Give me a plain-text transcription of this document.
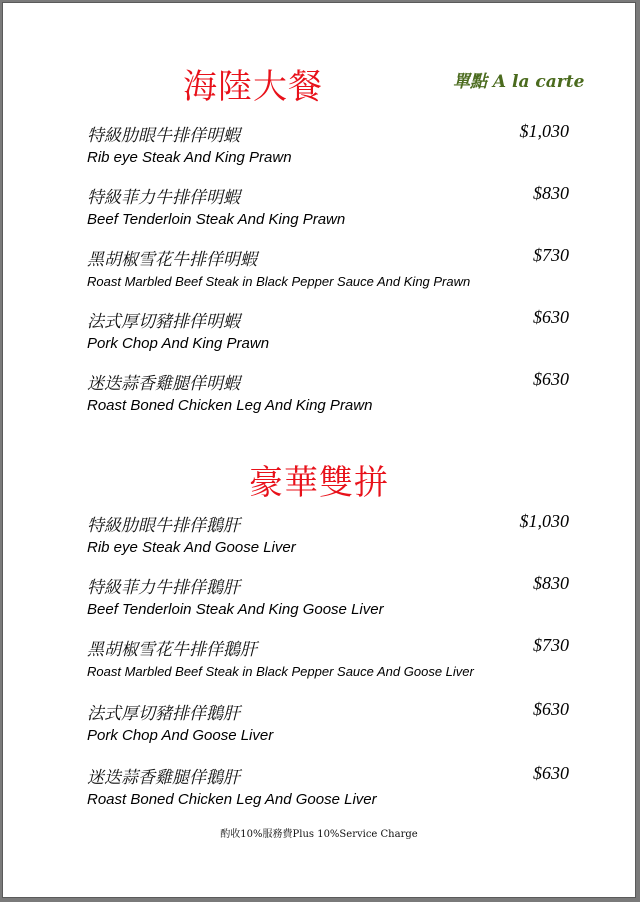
海陸大餐	單點 A la carte
特級肋眼牛排佯明蝦
Rib eye Steak And King Prawn
$1,030
特級菲力牛排佯明蝦
Beef Tenderloin Steak And King Prawn
$830
黑胡椒雪花牛排佯明蝦
Roast Marbled Beef Steak in Black Pepper Sauce And King Prawn
$730
法式厚切豬排佯明蝦
Pork Chop And King Prawn
$630
迷迭蒜香雞腿佯明蝦
Roast Boned Chicken Leg And King Prawn
$630
豪華雙拼
特級肋眼牛排佯鵝肝
Rib eye Steak And Goose Liver
$1,030
特級菲力牛排佯鵝肝
Beef Tenderloin Steak And King Goose Liver
$830
黑胡椒雪花牛排佯鵝肝
Roast Marbled Beef Steak in Black Pepper Sauce And Goose Liver
$730
法式厚切豬排佯鵝肝
Pork Chop And Goose Liver
$630
迷迭蒜香雞腿佯鵝肝
Roast Boned Chicken Leg And Goose Liver
$630
酌收10%服務費Plus 10%Service Charge
